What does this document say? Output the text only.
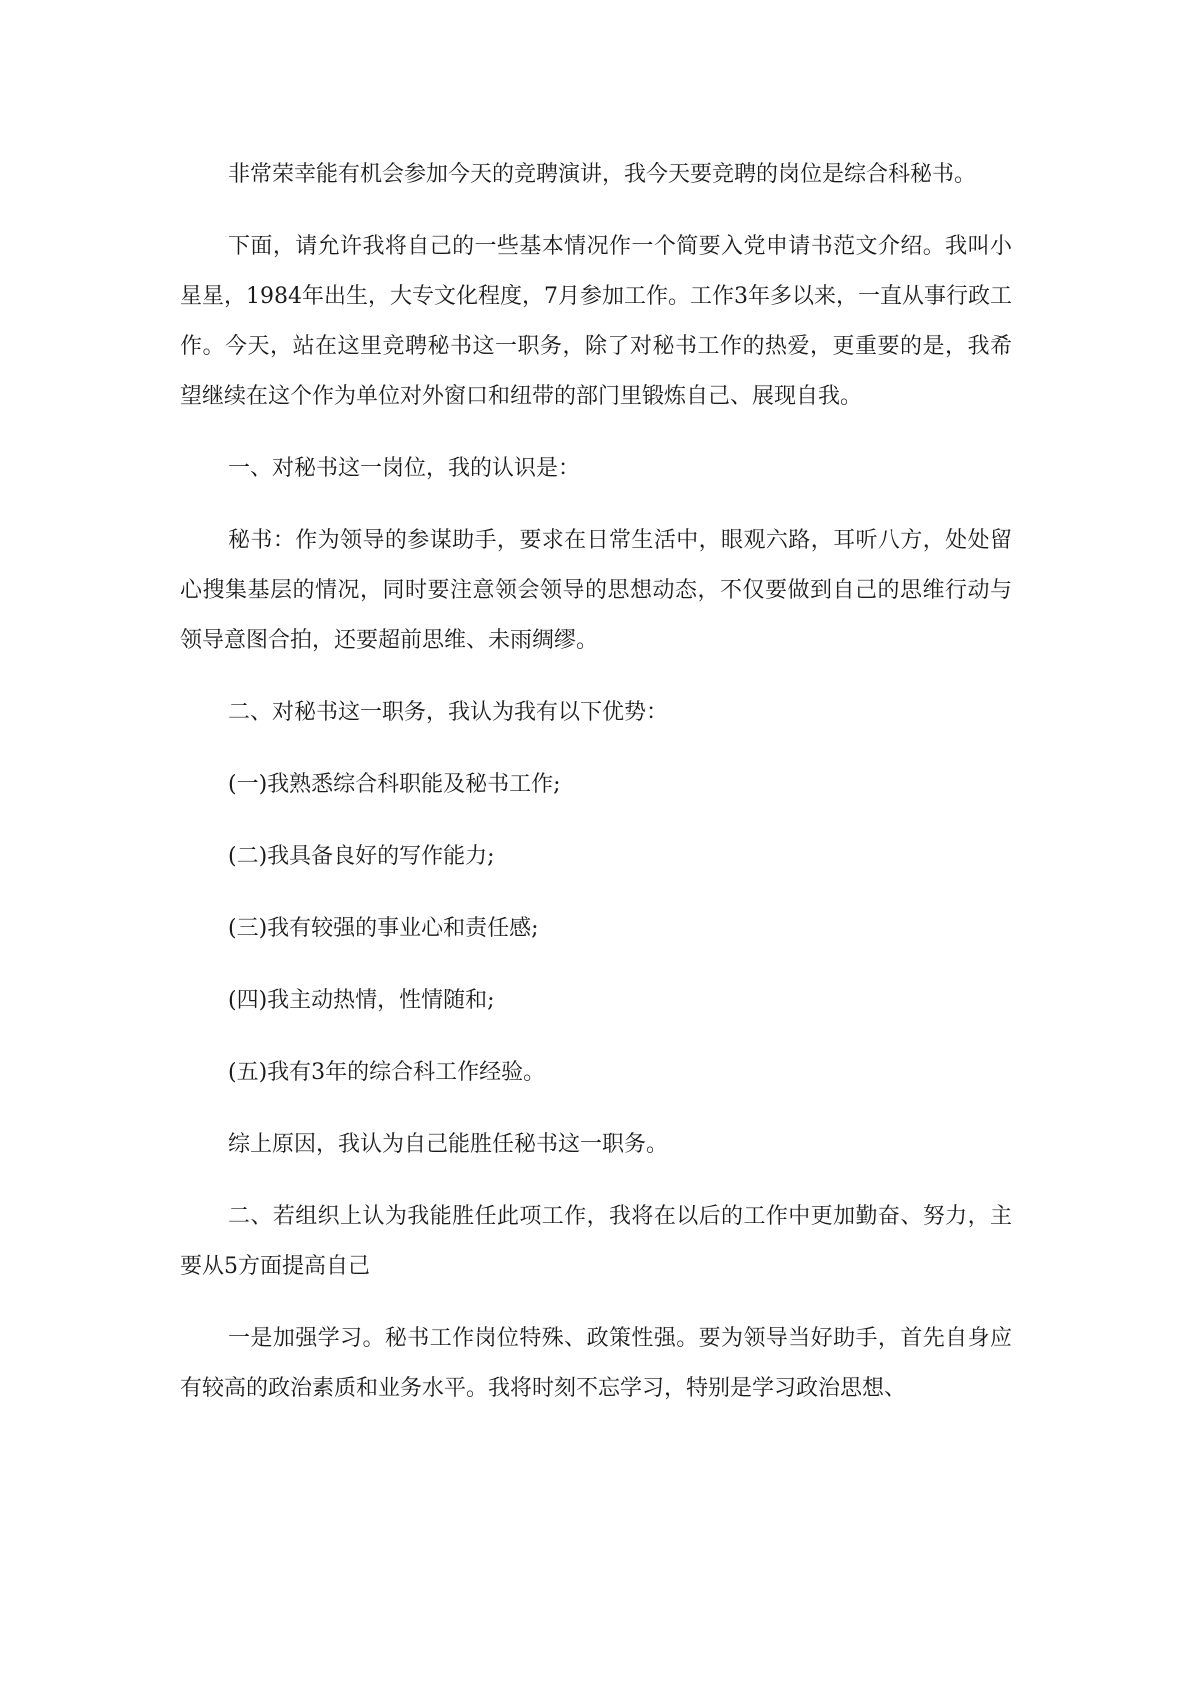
非常荣幸能有机会参加今天的竞聘演讲，我今天要竞聘的岗位是综合科秘书。

下面，请允许我将自己的一些基本情况作一个简要入党申请书范文介绍。我叫小星星，1984年出生，大专文化程度，7月参加工作。工作3年多以来，一直从事行政工作。今天，站在这里竞聘秘书这一职务，除了对秘书工作的热爱，更重要的是，我希望继续在这个作为单位对外窗口和纽带的部门里锻炼自己、展现自我。

一、对秘书这一岗位，我的认识是：

秘书：作为领导的参谋助手，要求在日常生活中，眼观六路，耳听八方，处处留心搜集基层的情况，同时要注意领会领导的思想动态，不仅要做到自己的思维行动与领导意图合拍，还要超前思维、未雨绸缪。

二、对秘书这一职务，我认为我有以下优势：

(一)我熟悉综合科职能及秘书工作;

(二)我具备良好的写作能力;

(三)我有较强的事业心和责任感;

(四)我主动热情，性情随和;

(五)我有3年的综合科工作经验。

综上原因，我认为自己能胜任秘书这一职务。

二、若组织上认为我能胜任此项工作，我将在以后的工作中更加勤奋、努力，主要从5方面提高自己

一是加强学习。秘书工作岗位特殊、政策性强。要为领导当好助手，首先自身应有较高的政治素质和业务水平。我将时刻不忘学习，特别是学习政治思想、
